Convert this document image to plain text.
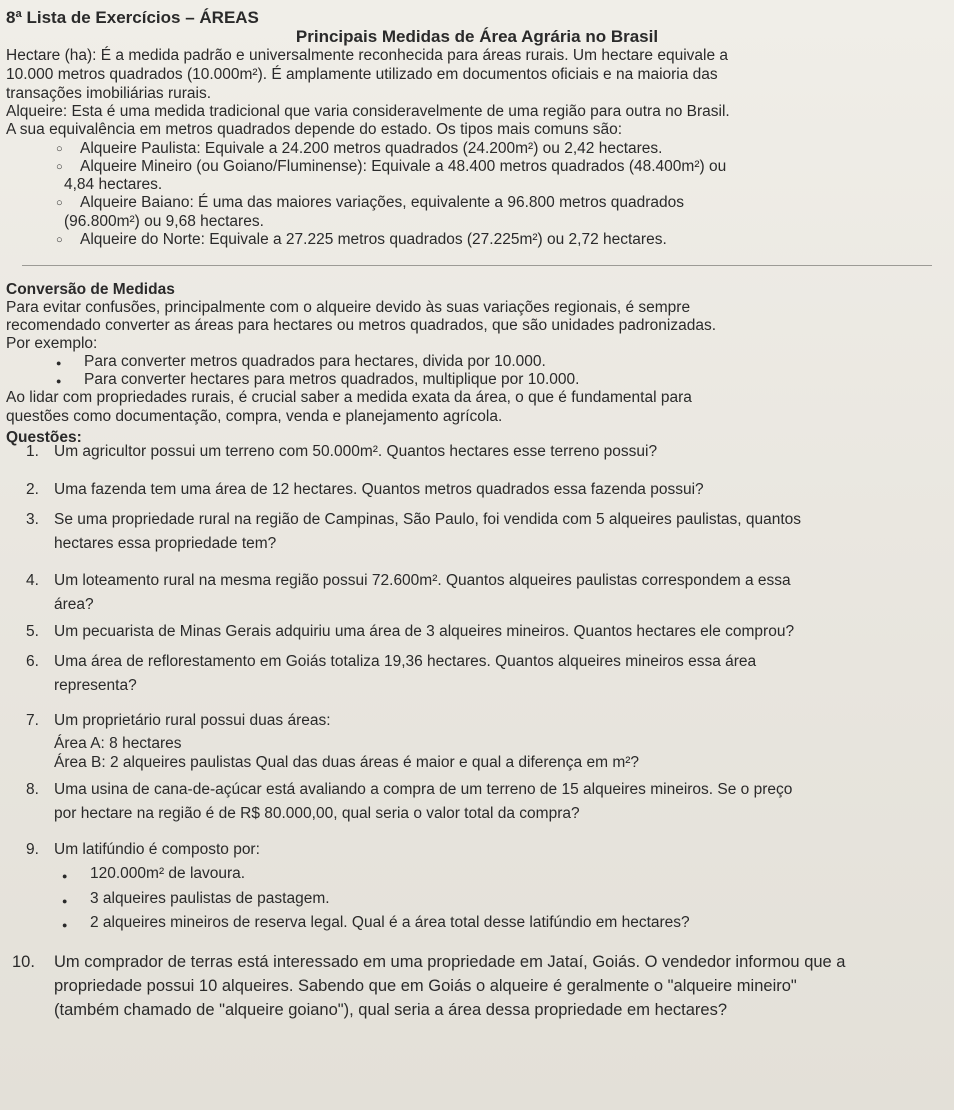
8ª Lista de Exercícios – ÁREAS
Principais Medidas de Área Agrária no Brasil
Hectare (ha): É a medida padrão e universalmente reconhecida para áreas rurais. Um hectare equivale a
10.000 metros quadrados (10.000m²). É amplamente utilizado em documentos oficiais e na maioria das
transações imobiliárias rurais.
Alqueire: Esta é uma medida tradicional que varia consideravelmente de uma região para outra no Brasil.
A sua equivalência em metros quadrados depende do estado. Os tipos mais comuns são:
○ Alqueire Paulista: Equivale a 24.200 metros quadrados (24.200m²) ou 2,42 hectares.
○ Alqueire Mineiro (ou Goiano/Fluminense): Equivale a 48.400 metros quadrados (48.400m²) ou
4,84 hectares.
○ Alqueire Baiano: É uma das maiores variações, equivalente a 96.800 metros quadrados
(96.800m²) ou 9,68 hectares.
○ Alqueire do Norte: Equivale a 27.225 metros quadrados (27.225m²) ou 2,72 hectares.
Conversão de Medidas
Para evitar confusões, principalmente com o alqueire devido às suas variações regionais, é sempre
recomendado converter as áreas para hectares ou metros quadrados, que são unidades padronizadas.
Por exemplo:
● Para converter metros quadrados para hectares, divida por 10.000.
● Para converter hectares para metros quadrados, multiplique por 10.000.
Ao lidar com propriedades rurais, é crucial saber a medida exata da área, o que é fundamental para
questões como documentação, compra, venda e planejamento agrícola.
Questões:
1. Um agricultor possui um terreno com 50.000m². Quantos hectares esse terreno possui?
2. Uma fazenda tem uma área de 12 hectares. Quantos metros quadrados essa fazenda possui?
3. Se uma propriedade rural na região de Campinas, São Paulo, foi vendida com 5 alqueires paulistas, quantos
hectares essa propriedade tem?
4. Um loteamento rural na mesma região possui 72.600m². Quantos alqueires paulistas correspondem a essa
área?
5. Um pecuarista de Minas Gerais adquiriu uma área de 3 alqueires mineiros. Quantos hectares ele comprou?
6. Uma área de reflorestamento em Goiás totaliza 19,36 hectares. Quantos alqueires mineiros essa área
representa?
7. Um proprietário rural possui duas áreas:
Área A: 8 hectares
Área B: 2 alqueires paulistas Qual das duas áreas é maior e qual a diferença em m²?
8. Uma usina de cana-de-açúcar está avaliando a compra de um terreno de 15 alqueires mineiros. Se o preço
por hectare na região é de R$ 80.000,00, qual seria o valor total da compra?
9. Um latifúndio é composto por:
● 120.000m² de lavoura.
● 3 alqueires paulistas de pastagem.
● 2 alqueires mineiros de reserva legal. Qual é a área total desse latifúndio em hectares?
10. Um comprador de terras está interessado em uma propriedade em Jataí, Goiás. O vendedor informou que a
propriedade possui 10 alqueires. Sabendo que em Goiás o alqueire é geralmente o "alqueire mineiro"
(também chamado de "alqueire goiano"), qual seria a área dessa propriedade em hectares?
